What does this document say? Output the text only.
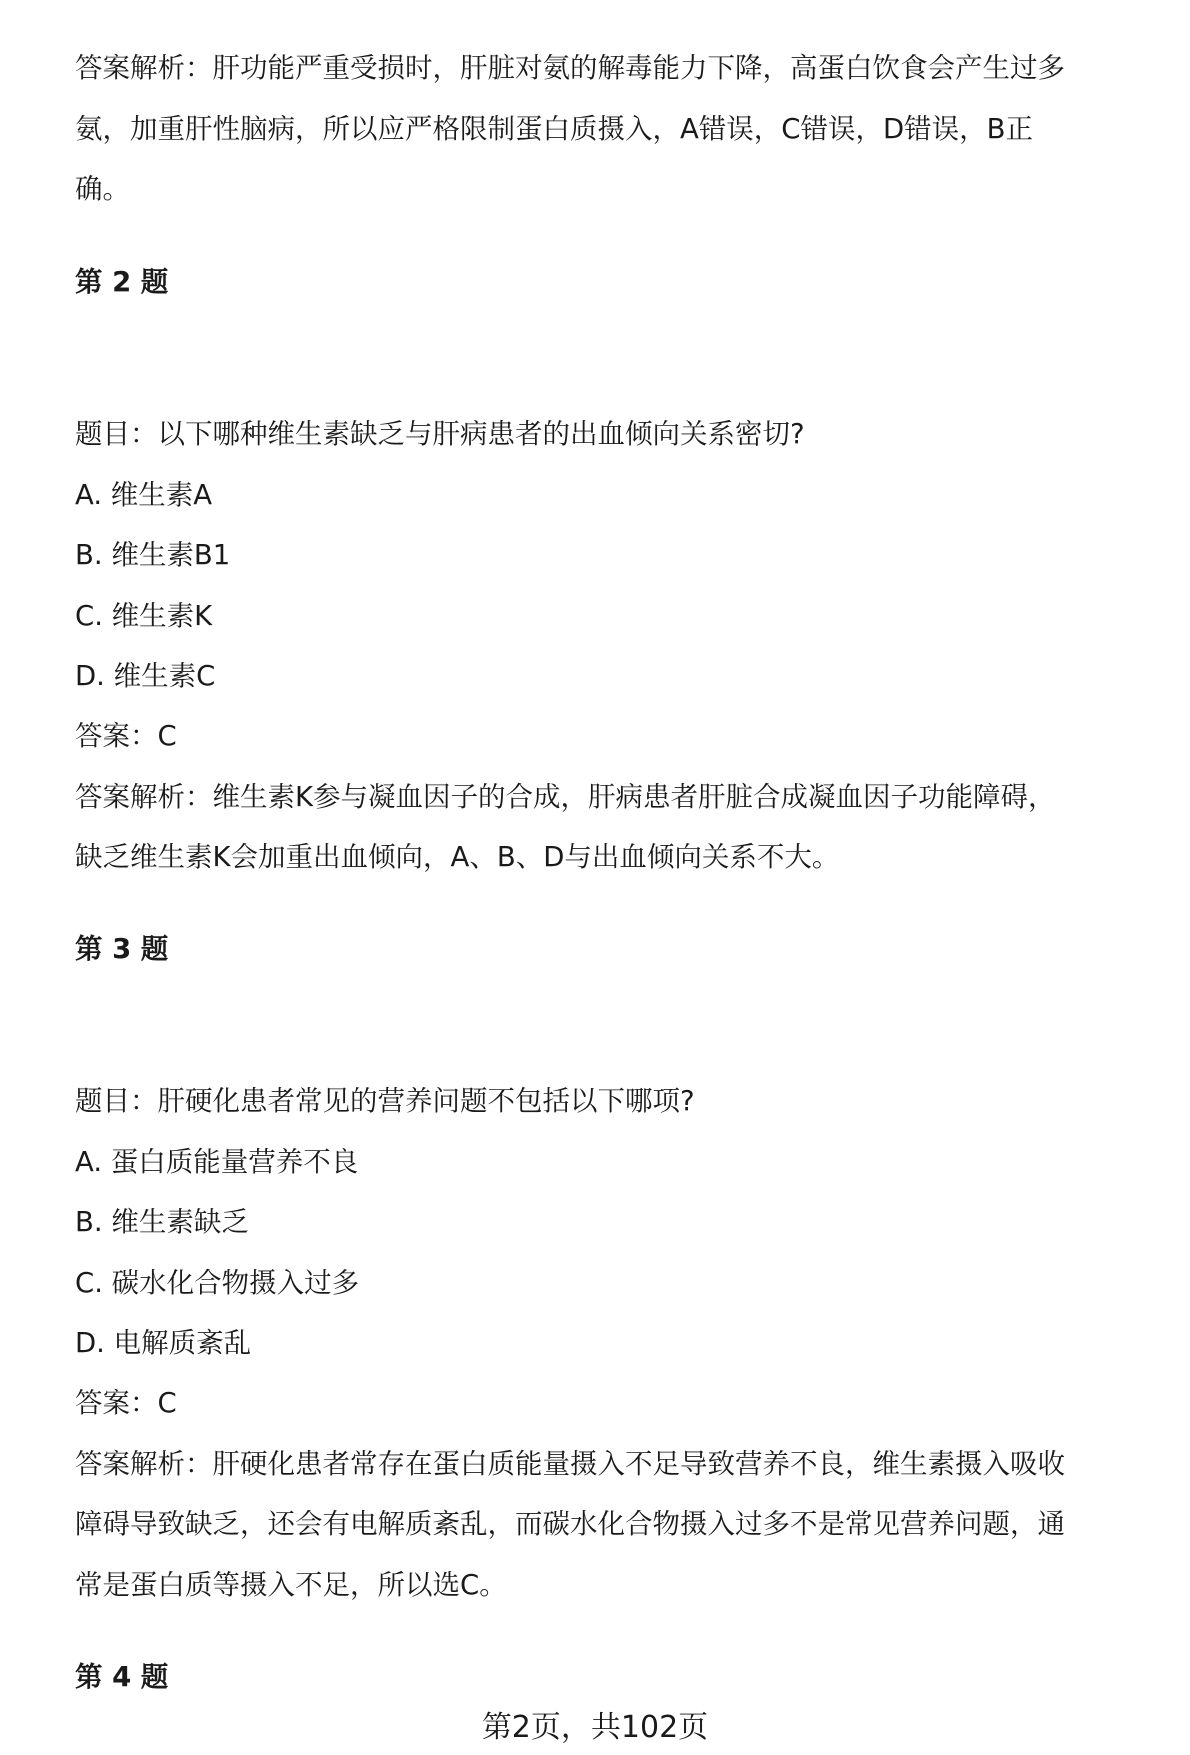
答案解析：肝功能严重受损时，肝脏对氨的解毒能力下降，高蛋白饮食会产生过多

氨，加重肝性脑病，所以应严格限制蛋白质摄入，A错误，C错误，D错误，B正

确。

第 2 题

题目：以下哪种维生素缺乏与肝病患者的出血倾向关系密切?

A. 维生素A

B. 维生素B1

C. 维生素K

D. 维生素C

答案：C

答案解析：维生素K参与凝血因子的合成，肝病患者肝脏合成凝血因子功能障碍，

缺乏维生素K会加重出血倾向，A、B、D与出血倾向关系不大。

第 3 题

题目：肝硬化患者常见的营养问题不包括以下哪项?

A. 蛋白质能量营养不良

B. 维生素缺乏

C. 碳水化合物摄入过多

D. 电解质紊乱

答案：C

答案解析：肝硬化患者常存在蛋白质能量摄入不足导致营养不良，维生素摄入吸收

障碍导致缺乏，还会有电解质紊乱，而碳水化合物摄入过多不是常见营养问题，通

常是蛋白质等摄入不足，所以选C。

第 4 题

第2页，共102页
